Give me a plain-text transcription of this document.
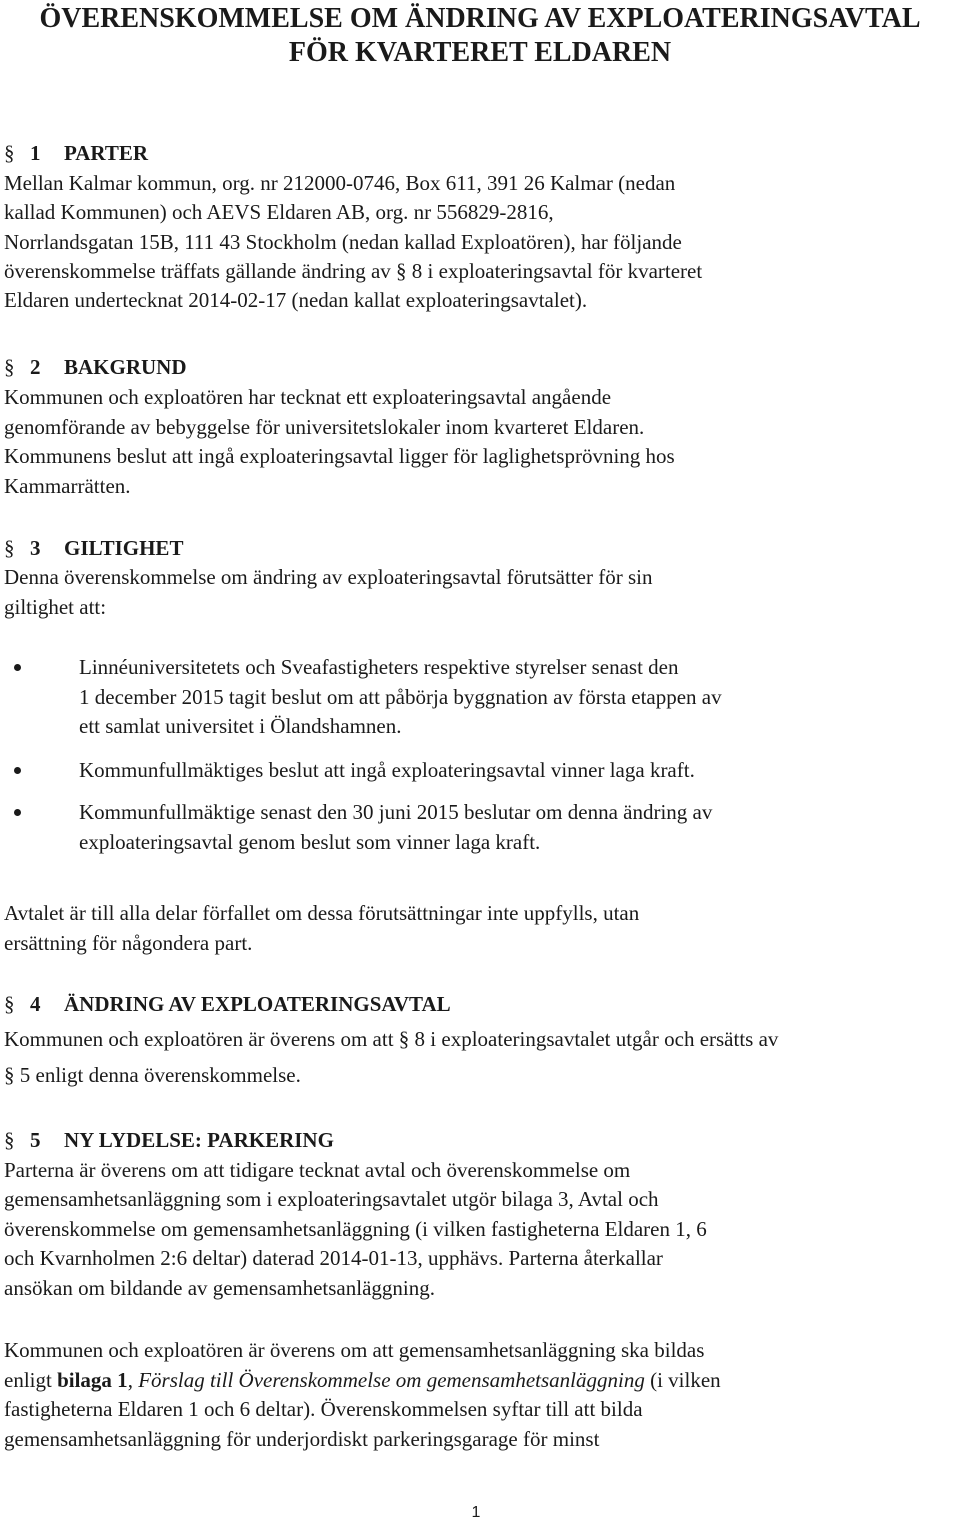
ÖVERENSKOMMELSE OM ÄNDRING AV EXPLOATERINGSAVTAL
FÖR KVARTERET ELDAREN
§ 1 PARTER
Mellan Kalmar kommun, org. nr 212000-0746, Box 611, 391 26 Kalmar (nedan
kallad Kommunen) och AEVS Eldaren AB, org. nr 556829-2816,
Norrlandsgatan 15B, 111 43 Stockholm (nedan kallad Exploatören), har följande
överenskommelse träffats gällande ändring av § 8 i exploateringsavtal för kvarteret
Eldaren undertecknat 2014-02-17 (nedan kallat exploateringsavtalet).
§ 2 BAKGRUND
Kommunen och exploatören har tecknat ett exploateringsavtal angående
genomförande av bebyggelse för universitetslokaler inom kvarteret Eldaren.
Kommunens beslut att ingå exploateringsavtal ligger för laglighetsprövning hos
Kammarrätten.
§ 3 GILTIGHET
Denna överenskommelse om ändring av exploateringsavtal förutsätter för sin
giltighet att:
Linnéuniversitetets och Sveafastigheters respektive styrelser senast den
1 december 2015 tagit beslut om att påbörja byggnation av första etappen av
ett samlat universitet i Ölandshamnen.
Kommunfullmäktiges beslut att ingå exploateringsavtal vinner laga kraft.
Kommunfullmäktige senast den 30 juni 2015 beslutar om denna ändring av
exploateringsavtal genom beslut som vinner laga kraft.
Avtalet är till alla delar förfallet om dessa förutsättningar inte uppfylls, utan
ersättning för någondera part.
§ 4 ÄNDRING AV EXPLOATERINGSAVTAL
Kommunen och exploatören är överens om att § 8 i exploateringsavtalet utgår och ersätts av
§ 5 enligt denna överenskommelse.
§ 5 NY LYDELSE: PARKERING
Parterna är överens om att tidigare tecknat avtal och överenskommelse om
gemensamhetsanläggning som i exploateringsavtalet utgör bilaga 3, Avtal och
överenskommelse om gemensamhetsanläggning (i vilken fastigheterna Eldaren 1, 6
och Kvarnholmen 2:6 deltar) daterad 2014-01-13, upphävs. Parterna återkallar
ansökan om bildande av gemensamhetsanläggning.
Kommunen och exploatören är överens om att gemensamhetsanläggning ska bildas
enligt bilaga 1, Förslag till Överenskommelse om gemensamhetsanläggning (i vilken
fastigheterna Eldaren 1 och 6 deltar). Överenskommelsen syftar till att bilda
gemensamhetsanläggning för underjordiskt parkeringsgarage för minst
1
